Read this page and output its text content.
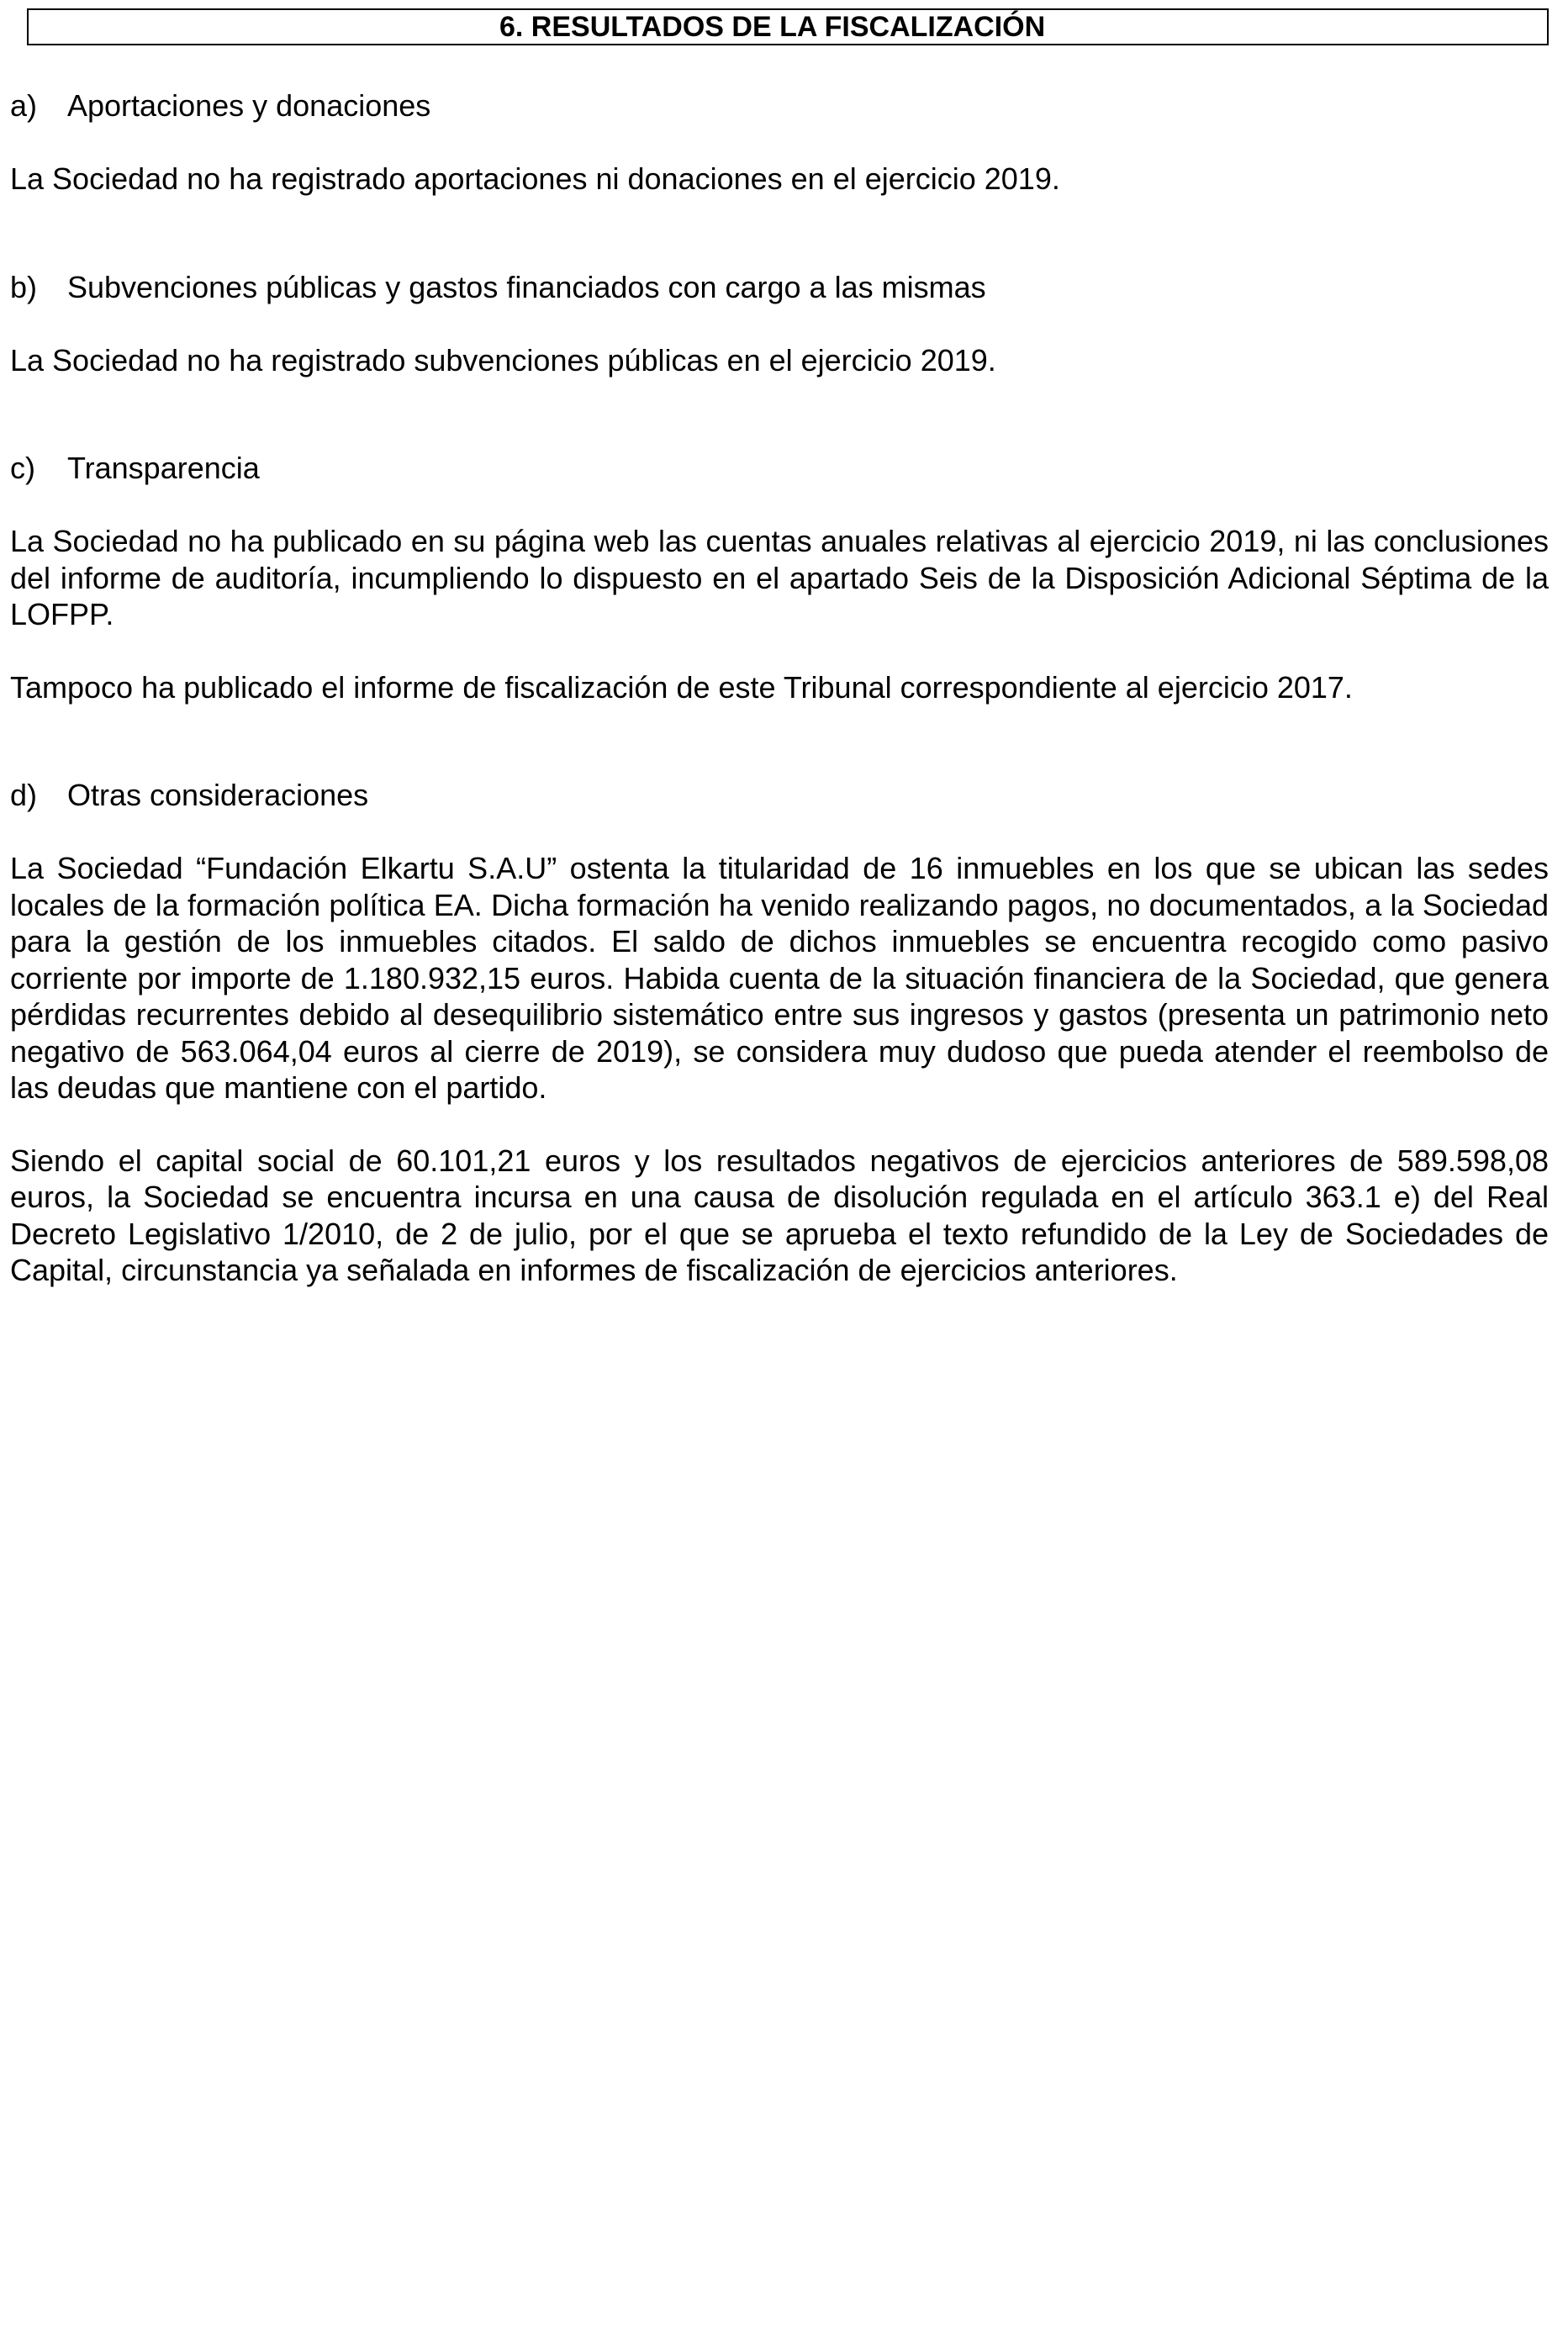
6. RESULTADOS DE LA FISCALIZACIÓN
a) Aportaciones y donaciones

La Sociedad no ha registrado aportaciones ni donaciones en el ejercicio 2019.

b) Subvenciones públicas y gastos financiados con cargo a las mismas

La Sociedad no ha registrado subvenciones públicas en el ejercicio 2019.

c)	Transparencia

La Sociedad no ha publicado en su página web las cuentas anuales relativas al ejercicio 2019, ni las conclusiones del informe de auditoría, incumpliendo lo dispuesto en el apartado Seis de la Disposición Adicional Séptima de la LOFPP.

Tampoco ha publicado el informe de fiscalización de este Tribunal correspondiente al ejercicio 2017.

d) Otras consideraciones

La Sociedad “Fundación Elkartu S.A.U” ostenta la titularidad de 16 inmuebles en los que se ubican las sedes locales de la formación política EA. Dicha formación ha venido realizando pagos, no documentados, a la Sociedad para la gestión de los inmuebles citados. El saldo de dichos inmuebles se encuentra recogido como pasivo corriente por importe de 1.180.932,15 euros. Habida cuenta de la situación financiera de la Sociedad, que genera pérdidas recurrentes debido al desequilibrio sistemático entre sus ingresos y gastos (presenta un patrimonio neto negativo de 563.064,04 euros al cierre de 2019), se considera muy dudoso que pueda atender el reembolso de las deudas que mantiene con el partido.

Siendo el capital social de 60.101,21 euros y los resultados negativos de ejercicios anteriores de 589.598,08 euros, la Sociedad se encuentra incursa en una causa de disolución regulada en el artículo 363.1 e) del Real Decreto Legislativo 1/2010, de 2 de julio, por el que se aprueba el texto refundido de la Ley de Sociedades de Capital, circunstancia ya señalada en informes de fiscalización de ejercicios anteriores.
